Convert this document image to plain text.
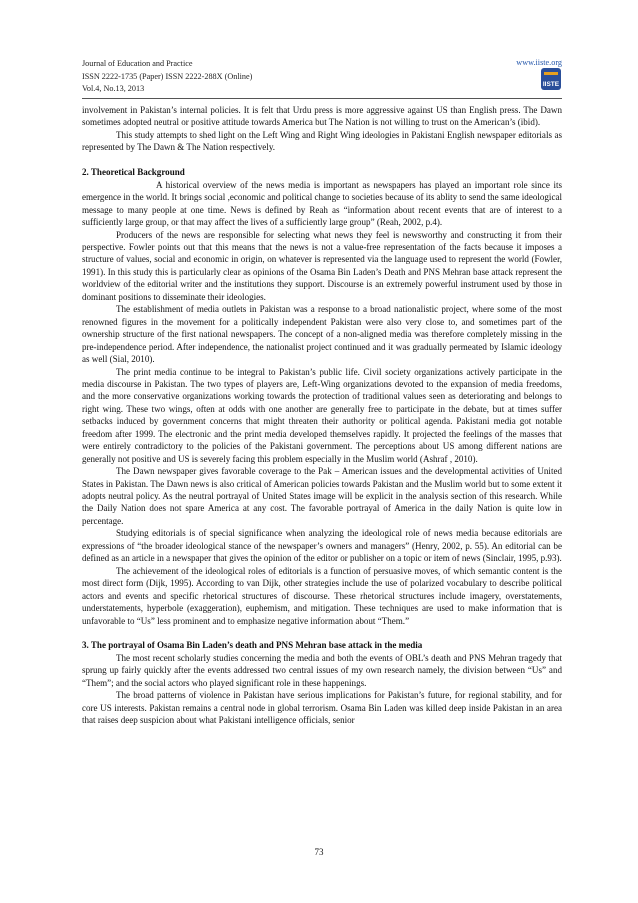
Journal of Education and Practice
ISSN 2222-1735 (Paper) ISSN 2222-288X (Online)
Vol.4, No.13, 2013
www.iiste.org
IISTE

involvement in Pakistan’s internal policies. It is felt that Urdu press is more aggressive against US than English press. The Dawn sometimes adopted neutral or positive attitude towards America but The Nation is not willing to trust on the American’s (ibid).

This study attempts to shed light on the Left Wing and Right Wing ideologies in Pakistani English newspaper editorials as represented by The Dawn & The Nation respectively.

2. Theoretical Background

A historical overview of the news media is important as newspapers has played an important role since its emergence in the world. It brings social ,economic and political change to societies because of its ablity to send the same ideological message to many people at one time. News is defined by Reah as “information about recent events that are of interest to a sufficiently large group, or that may affect the lives of a sufficiently large group” (Reah, 2002, p.4).

Producers of the news are responsible for selecting what news they feel is newsworthy and constructing it from their perspective. Fowler points out that this means that the news is not a value-free representation of the facts because it imposes a structure of values, social and economic in origin, on whatever is represented via the language used to represent the world (Fowler, 1991). In this study this is particularly clear as opinions of the Osama Bin Laden’s Death and PNS Mehran base attack represent the worldview of the editorial writer and the institutions they support. Discourse is an extremely powerful instrument used by those in dominant positions to disseminate their ideologies.

The establishment of media outlets in Pakistan was a response to a broad nationalistic project, where some of the most renowned figures in the movement for a politically independent Pakistan were also very close to, and sometimes part of the ownership structure of the first national newspapers. The concept of a non-aligned media was therefore completely missing in the pre-independence period. After independence, the nationalist project continued and it was gradually permeated by Islamic ideology as well (Sial, 2010).

The print media continue to be integral to Pakistan’s public life. Civil society organizations actively participate in the media discourse in Pakistan. The two types of players are, Left-Wing organizations devoted to the expansion of media freedoms, and the more conservative organizations working towards the protection of traditional values seen as deteriorating and belongs to right wing. These two wings, often at odds with one another are generally free to participate in the debate, but at times suffer setbacks induced by government concerns that might threaten their authority or political agenda. Pakistani media got notable freedom after 1999. The electronic and the print media developed themselves rapidly. It projected the feelings of the masses that were entirely contradictory to the policies of the Pakistani government. The perceptions about US among different nations are generally not positive and US is severely facing this problem especially in the Muslim world (Ashraf , 2010).

The Dawn newspaper gives favorable coverage to the Pak – American issues and the developmental activities of United States in Pakistan. The Dawn news is also critical of American policies towards Pakistan and the Muslim world but to some extent it adopts neutral policy. As the neutral portrayal of United States image will be explicit in the analysis section of this research. While the Daily Nation does not spare America at any cost. The favorable portrayal of America in the daily Nation is quite low in percentage.

Studying editorials is of special significance when analyzing the ideological role of news media because editorials are expressions of “the broader ideological stance of the newspaper’s owners and managers” (Henry, 2002, p. 55). An editorial can be defined as an article in a newspaper that gives the opinion of the editor or publisher on a topic or item of news (Sinclair, 1995, p.93).

The achievement of the ideological roles of editorials is a function of persuasive moves, of which semantic content is the most direct form (Dijk, 1995). According to van Dijk, other strategies include the use of polarized vocabulary to describe political actors and events and specific rhetorical structures of discourse. These rhetorical structures include imagery, overstatements, understatements, hyperbole (exaggeration), euphemism, and mitigation. These techniques are used to make information that is unfavorable to “Us” less prominent and to emphasize negative information about “Them.”

3. The portrayal of Osama Bin Laden’s death and PNS Mehran base attack in the media

The most recent scholarly studies concerning the media and both the events of OBL’s death and PNS Mehran tragedy that sprung up fairly quickly after the events addressed two central issues of my own research namely, the division between “Us” and “Them”; and the social actors who played significant role in these happenings.

The broad patterns of violence in Pakistan have serious implications for Pakistan’s future, for regional stability, and for core US interests. Pakistan remains a central node in global terrorism. Osama Bin Laden was killed deep inside Pakistan in an area that raises deep suspicion about what Pakistani intelligence officials, senior

73
